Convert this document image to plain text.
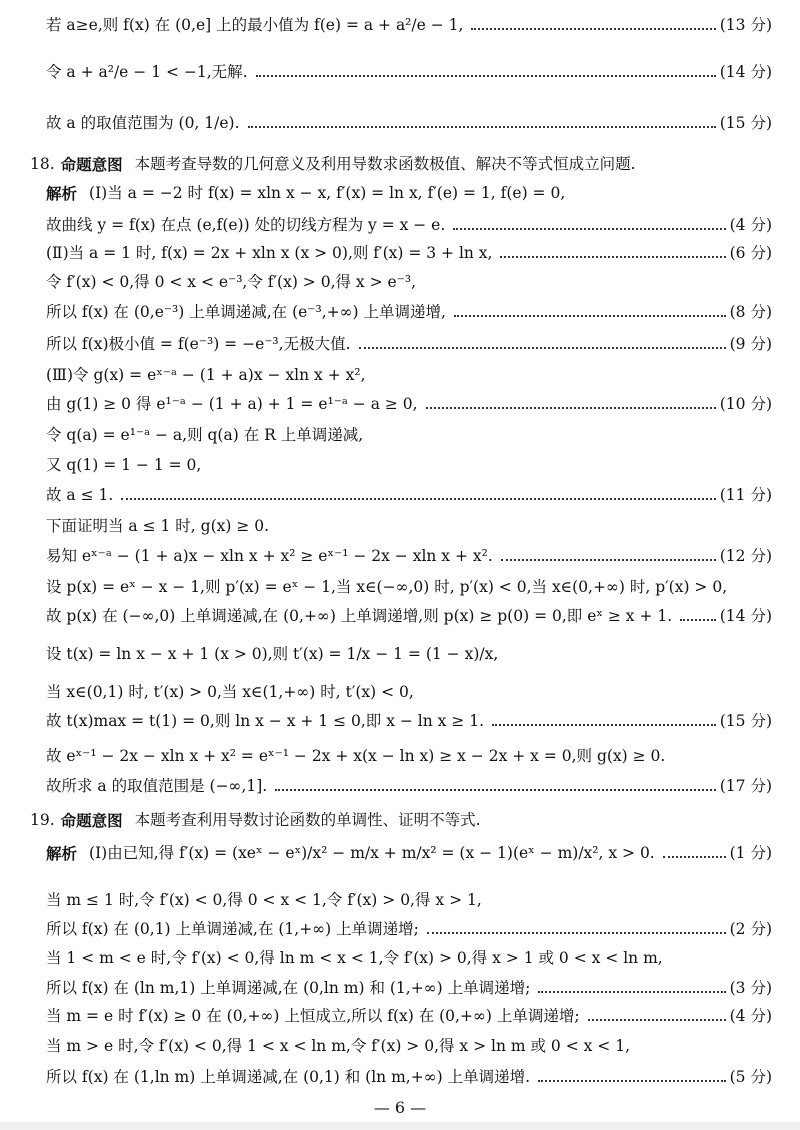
若 a≥e,则 f(x) 在 (0,e] 上的最小值为 f(e) = a + a²/e − 1,	(13 分)
令 a + a²/e − 1 < −1,无解.	(14 分)
故 a 的取值范围为 (0, 1/e).	(15 分)
18. 命题意图 本题考查导数的几何意义及利用导数求函数极值、解决不等式恒成立问题.
解析 (Ⅰ)当 a = −2 时 f(x) = xln x − x, f′(x) = ln x, f′(e) = 1, f(e) = 0,
故曲线 y = f(x) 在点 (e,f(e)) 处的切线方程为 y = x − e.	(4 分)
(Ⅱ)当 a = 1 时, f(x) = 2x + xln x (x > 0),则 f′(x) = 3 + ln x,	(6 分)
令 f′(x) < 0,得 0 < x < e⁻³,令 f′(x) > 0,得 x > e⁻³,
所以 f(x) 在 (0,e⁻³) 上单调递减,在 (e⁻³,+∞) 上单调递增,	(8 分)
所以 f(x)极小值 = f(e⁻³) = −e⁻³,无极大值.	(9 分)
(Ⅲ)令 g(x) = eˣ⁻ᵃ − (1 + a)x − xln x + x²,
由 g(1) ≥ 0 得 e¹⁻ᵃ − (1 + a) + 1 = e¹⁻ᵃ − a ≥ 0,	(10 分)
令 q(a) = e¹⁻ᵃ − a,则 q(a) 在 R 上单调递减,
又 q(1) = 1 − 1 = 0,
故 a ≤ 1.	(11 分)
下面证明当 a ≤ 1 时, g(x) ≥ 0.
易知 eˣ⁻ᵃ − (1 + a)x − xln x + x² ≥ eˣ⁻¹ − 2x − xln x + x².	(12 分)
设 p(x) = eˣ − x − 1,则 p′(x) = eˣ − 1,当 x∈(−∞,0) 时, p′(x) < 0,当 x∈(0,+∞) 时, p′(x) > 0,
故 p(x) 在 (−∞,0) 上单调递减,在 (0,+∞) 上单调递增,则 p(x) ≥ p(0) = 0,即 eˣ ≥ x + 1.	(14 分)
设 t(x) = ln x − x + 1 (x > 0),则 t′(x) = 1/x − 1 = (1 − x)/x,
当 x∈(0,1) 时, t′(x) > 0,当 x∈(1,+∞) 时, t′(x) < 0,
故 t(x)max = t(1) = 0,则 ln x − x + 1 ≤ 0,即 x − ln x ≥ 1.	(15 分)
故 eˣ⁻¹ − 2x − xln x + x² = eˣ⁻¹ − 2x + x(x − ln x) ≥ x − 2x + x = 0,则 g(x) ≥ 0.
故所求 a 的取值范围是 (−∞,1].	(17 分)
19. 命题意图 本题考查利用导数讨论函数的单调性、证明不等式.
解析 (Ⅰ)由已知,得 f′(x) = (xeˣ − eˣ)/x² − m/x + m/x² = (x − 1)(eˣ − m)/x², x > 0.	(1 分)
当 m ≤ 1 时,令 f′(x) < 0,得 0 < x < 1,令 f′(x) > 0,得 x > 1,
所以 f(x) 在 (0,1) 上单调递减,在 (1,+∞) 上单调递增;	(2 分)
当 1 < m < e 时,令 f′(x) < 0,得 ln m < x < 1,令 f′(x) > 0,得 x > 1 或 0 < x < ln m,
所以 f(x) 在 (ln m,1) 上单调递减,在 (0,ln m) 和 (1,+∞) 上单调递增;	(3 分)
当 m = e 时 f′(x) ≥ 0 在 (0,+∞) 上恒成立,所以 f(x) 在 (0,+∞) 上单调递增;	(4 分)
当 m > e 时,令 f′(x) < 0,得 1 < x < ln m,令 f′(x) > 0,得 x > ln m 或 0 < x < 1,
所以 f(x) 在 (1,ln m) 上单调递减,在 (0,1) 和 (ln m,+∞) 上单调递增.	(5 分)
— 6 —
